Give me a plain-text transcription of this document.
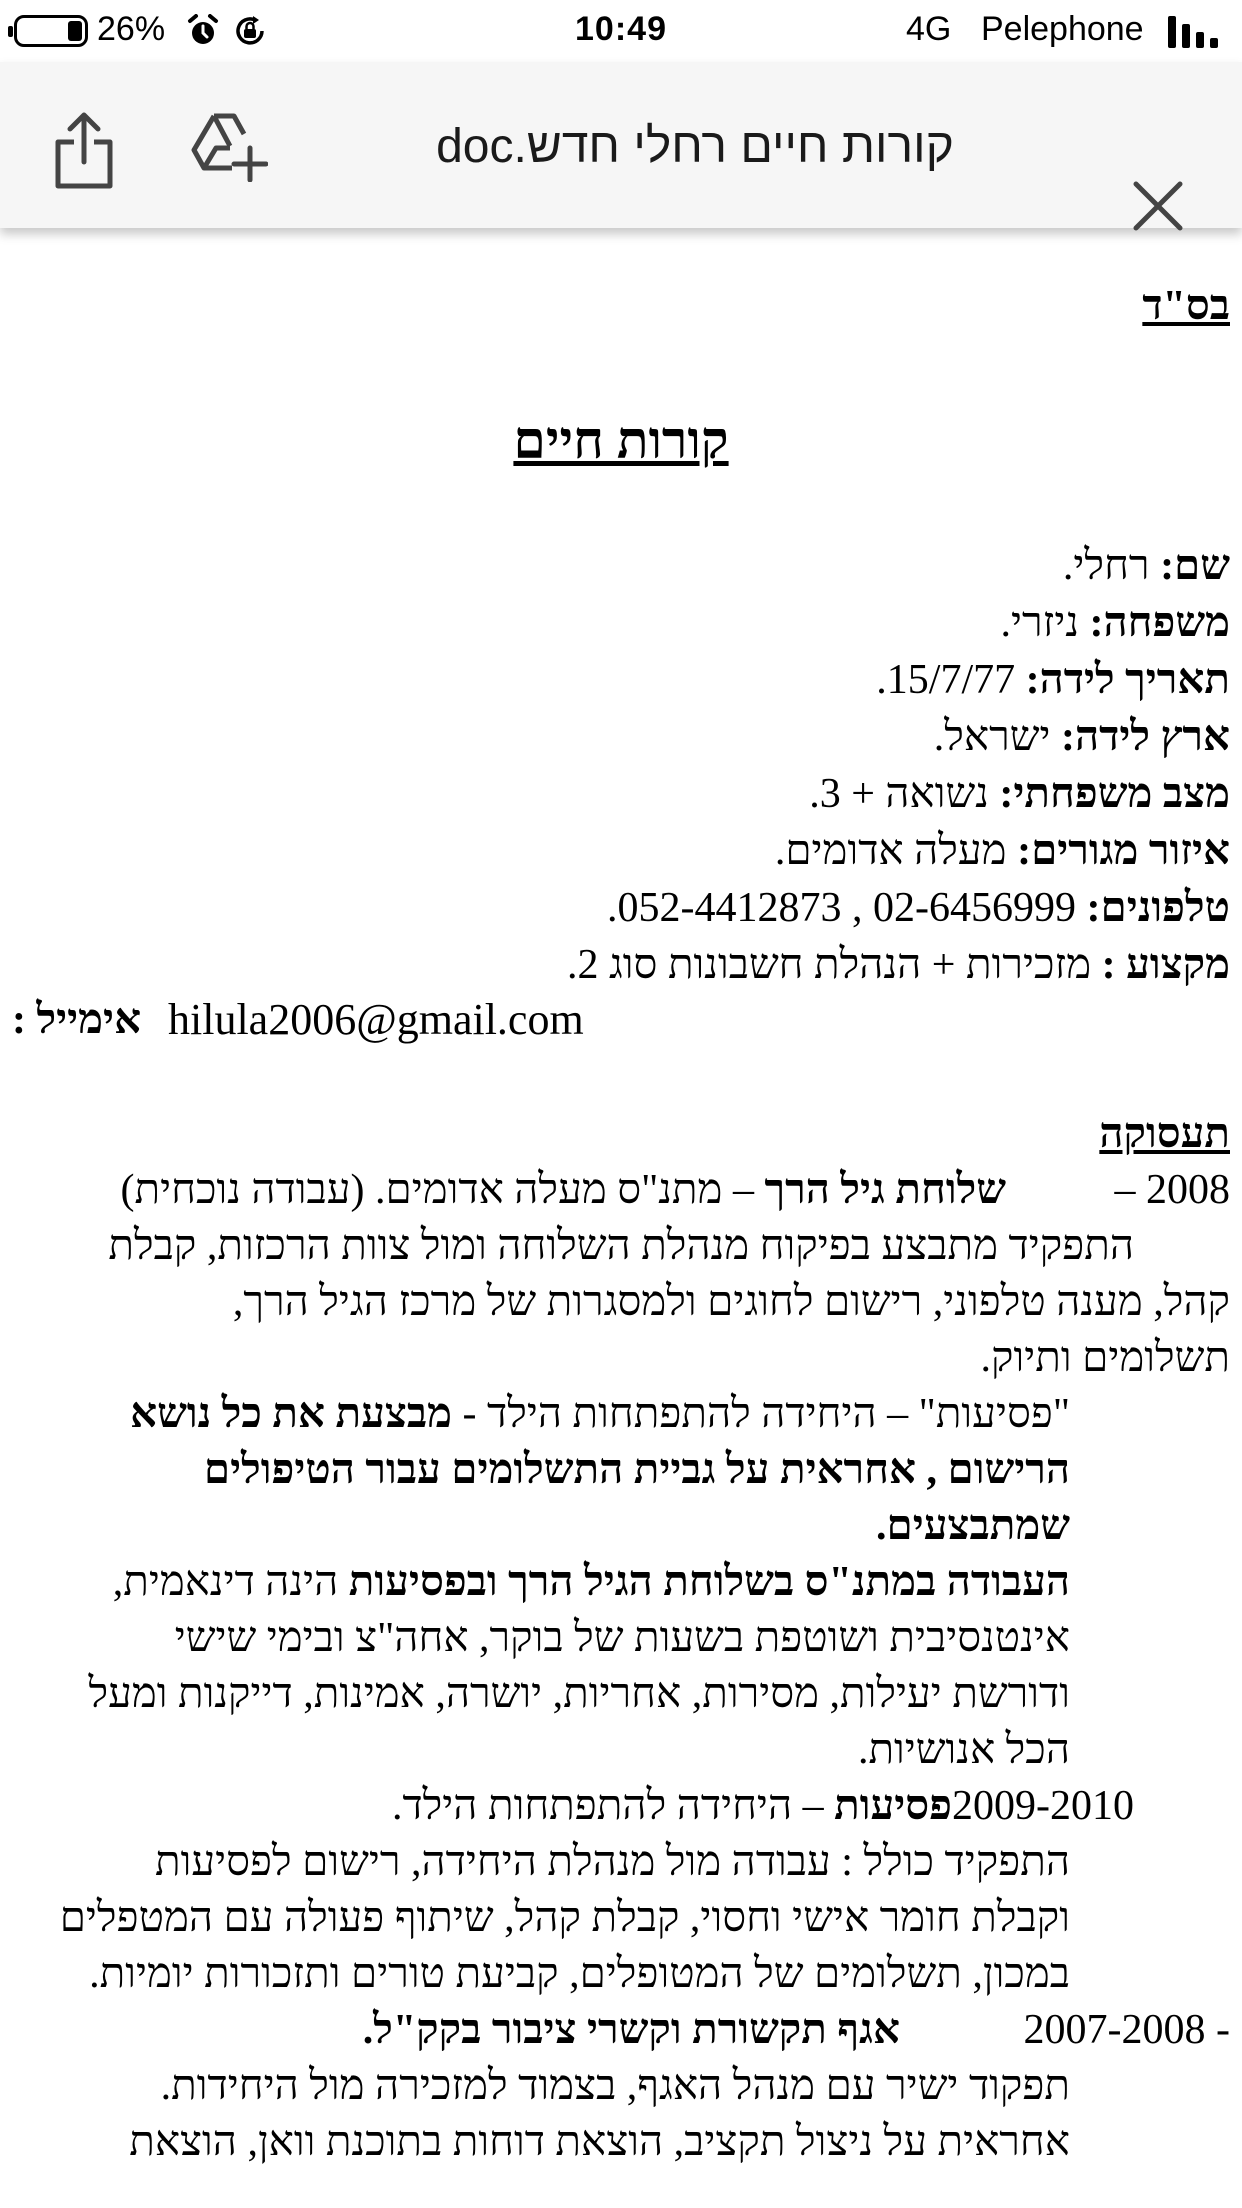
26%	10:49	4G Pelephone
קורות חיים רחלי חדש.doc
בס"ד
קורות חיים
שם: רחלי.
משפחה: ניזרי.
תאריך לידה: 15/7/77.
ארץ לידה: ישראל.
מצב משפחתי: נשואה + 3.
איזור מגורים: מעלה אדומים.
טלפונים: 02-6456999 , 052-4412873.
מקצוע : מזכירות + הנהלת חשבונות סוג 2.
אימייל : hilula2006@gmail.com
תעסוקה
2008 –
שלוחת גיל הרך – מתנ"ס מעלה אדומים. (עבודה נוכחית)
התפקיד מתבצע בפיקוח מנהלת השלוחה ומול צוות הרכזות, קבלת
קהל, מענה טלפוני, רישום לחוגים ולמסגרות של מרכז הגיל הרך,
תשלומים ותיוק.
"פסיעות" – היחידה להתפתחות הילד - מבצעת את כל נושא
הרישום , אחראית על גביית התשלומים עבור הטיפולים
שמתבצעים.
העבודה במתנ"ס בשלוחת הגיל הרך ובפסיעות הינה דינאמית,
אינטנסיבית ושוטפת בשעות של בוקר, אחה"צ ובימי שישי
ודורשת יעילות, מסירות, אחריות, יושרה, אמינות, דייקנות ומעל
הכל אנושיות.
2009-2010פסיעות – היחידה להתפתחות הילד.
התפקיד כולל : עבודה מול מנהלת היחידה, רישום לפסיעות
וקבלת חומר אישי וחסוי, קבלת קהל, שיתוף פעולה עם המטפלים
במכון, תשלומים של המטופלים, קביעת טורים ותזכורות יומיות.
2007-2008 -
אגף תקשורת וקשרי ציבור בקק"ל.
תפקוד ישיר עם מנהל האגף, בצמוד למזכירה מול היחידות.
אחראית על ניצול תקציב, הוצאת דוחות בתוכנת וואן, הוצאת
